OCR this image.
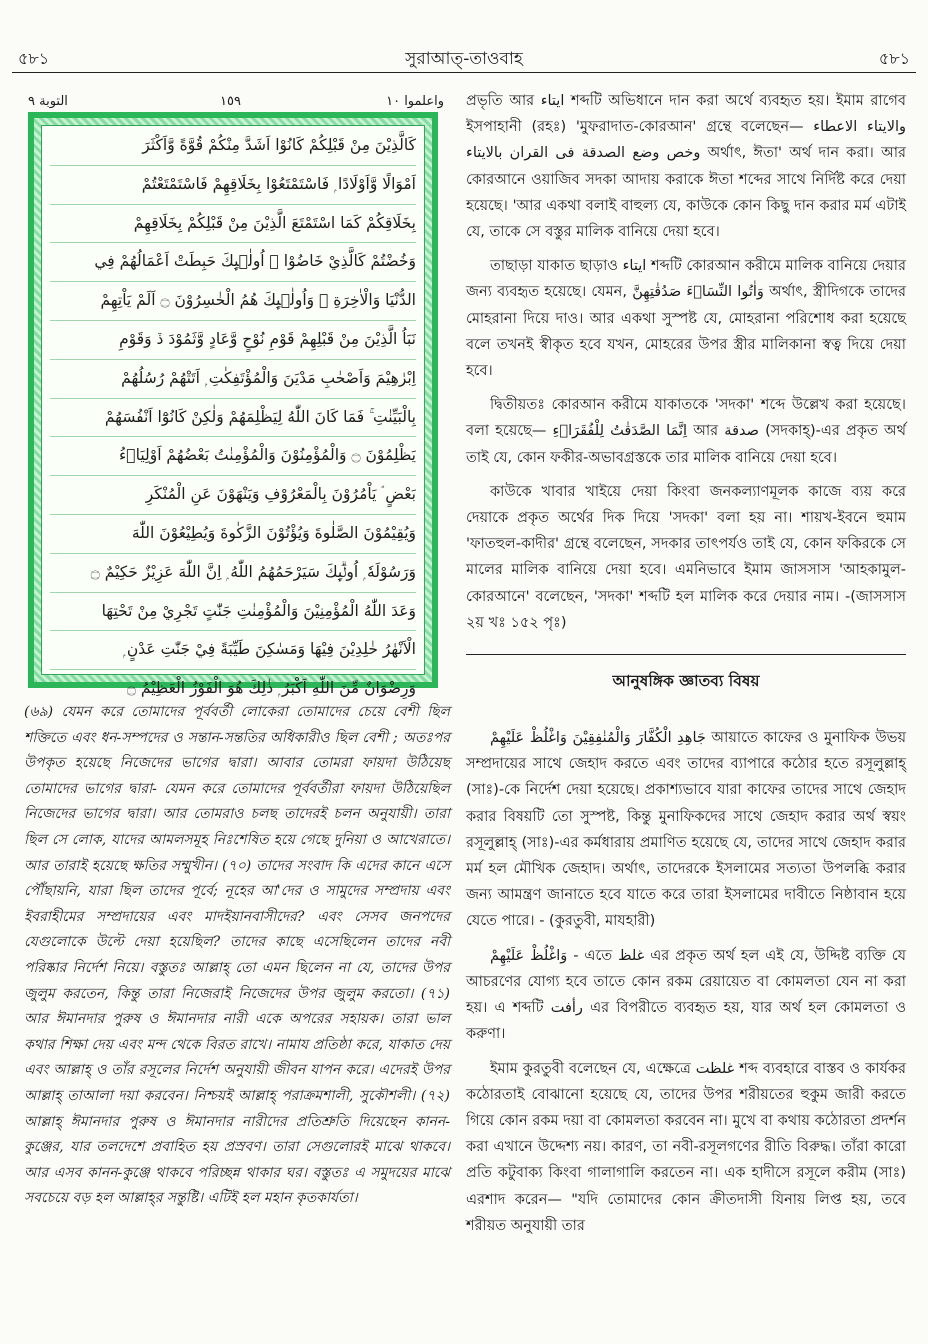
৫৮১	সুরাআত্-তাওবাহ	৫৮১
التوبة ٩	١٥٩	واعلموا ١٠
كَالَّذِيْنَ مِنْ قَبْلِكُمْ كَانُوْا اَشَدَّ مِنْكُمْ قُوَّةً وَّاَكْثَرَ
اَمْوَالًا وَّاَوْلَادًا ۭ فَاسْتَمْتَعُوْا بِخَلَاقِهِمْ فَاسْتَمْتَعْتُمْ
بِخَلَاقِكُمْ كَمَا اسْتَمْتَعَ الَّذِيْنَ مِنْ قَبْلِكُمْ بِخَلَاقِهِمْ
وَخُضْتُمْ كَالَّذِيْ خَاضُوْا ۭ اُولٰۗىِٕكَ حَبِطَتْ اَعْمَالُهُمْ فِي
الدُّنْيَا وَالْاٰخِرَةِ ۚ وَاُولٰۗىِٕكَ هُمُ الْخٰسِرُوْنَ ۝ اَلَمْ يَاْتِهِمْ
نَبَاُ الَّذِيْنَ مِنْ قَبْلِهِمْ قَوْمِ نُوْحٍ وَّعَادٍ وَّثَمُوْدَ ڏ وَقَوْمِ
اِبْرٰهِيْمَ وَاَصْحٰبِ مَدْيَنَ وَالْمُؤْتَفِكٰتِ ۭ اَتَتْهُمْ رُسُلُهُمْ
بِالْبَيِّنٰتِ ۚ فَمَا كَانَ اللّٰهُ لِيَظْلِمَهُمْ وَلٰكِنْ كَانُوْٓا اَنْفُسَهُمْ
يَظْلِمُوْنَ ۝ وَالْمُؤْمِنُوْنَ وَالْمُؤْمِنٰتُ بَعْضُهُمْ اَوْلِيَاۗءُ
بَعْضٍ ۘ يَاْمُرُوْنَ بِالْمَعْرُوْفِ وَيَنْهَوْنَ عَنِ الْمُنْكَرِ
وَيُقِيْمُوْنَ الصَّلٰوةَ وَيُؤْتُوْنَ الزَّكٰوةَ وَيُطِيْعُوْنَ اللّٰهَ
وَرَسُوْلَهٗ ۭ اُولٰۗىِٕكَ سَيَرْحَمُهُمُ اللّٰهُ ۭ اِنَّ اللّٰهَ عَزِيْزٌ حَكِيْمٌ ۝
وَعَدَ اللّٰهُ الْمُؤْمِنِيْنَ وَالْمُؤْمِنٰتِ جَنّٰتٍ تَجْرِيْ مِنْ تَحْتِهَا
الْاَنْهٰرُ خٰلِدِيْنَ فِيْهَا وَمَسٰكِنَ طَيِّبَةً فِيْ جَنّٰتِ عَدْنٍ ۭ
وَرِضْوَانٌ مِّنَ اللّٰهِ اَكْبَرُ ۭ ذٰلِكَ هُوَ الْفَوْزُ الْعَظِيْمُ ۝

(৬৯) যেমন করে তোমাদের পূর্ববর্তী লোকেরা তোমাদের চেয়ে বেশী ছিল শক্তিতে এবং ধন-সম্পদের ও সন্তান-সন্ততির অধিকারীও ছিল বেশী ; অতঃপর উপকৃত হয়েছে নিজেদের ভাগের দ্বারা। আবার তোমরা ফায়দা উঠিয়েছ তোমাদের ভাগের দ্বারা- যেমন করে তোমাদের পূর্ববর্তীরা ফায়দা উঠিয়েছিল নিজেদের ভাগের দ্বারা। আর তোমরাও চলছ তাদেরই চলন অনুযায়ী। তারা ছিল সে লোক, যাদের আমলসমূহ নিঃশেষিত হয়ে গেছে দুনিয়া ও আখেরাতে। আর তারাই হয়েছে ক্ষতির সম্মুখীন। (৭০) তাদের সংবাদ কি এদের কানে এসে পৌঁছায়নি, যারা ছিল তাদের পূর্বে; নূহের আ'দের ও সামুদের সম্প্রদায় এবং ইবরাহীমের সম্প্রদায়ের এবং মাদইয়ানবাসীদের? এবং সেসব জনপদের যেগুলোকে উল্টে দেয়া হয়েছিল? তাদের কাছে এসেছিলেন তাদের নবী পরিষ্কার নির্দেশ নিয়ে। বস্তুতঃ আল্লাহ্ তো এমন ছিলেন না যে, তাদের উপর জুলুম করতেন, কিন্তু তারা নিজেরাই নিজেদের উপর জুলুম করতো। (৭১) আর ঈমানদার পুরুষ ও ঈমানদার নারী একে অপরের সহায়ক। তারা ভাল কথার শিক্ষা দেয় এবং মন্দ থেকে বিরত রাখে। নামায প্রতিষ্ঠা করে, যাকাত দেয় এবং আল্লাহ্ ও তাঁর রসূলের নির্দেশ অনুযায়ী জীবন যাপন করে। এদেরই উপর আল্লাহ্ তাআলা দয়া করবেন। নিশ্চয়ই আল্লাহ্ পরাক্রমশালী, সুকৌশলী। (৭২) আল্লাহ্ ঈমানদার পুরুষ ও ঈমানদার নারীদের প্রতিশ্রুতি দিয়েছেন কানন-কুঞ্জের, যার তলদেশে প্রবাহিত হয় প্রস্রবণ। তারা সেগুলোরই মাঝে থাকবে। আর এসব কানন-কুঞ্জে থাকবে পরিচ্ছন্ন থাকার ঘর। বস্তুতঃ এ সমুদয়ের মাঝে সবচেয়ে বড় হল আল্লাহ্‌র সন্তুষ্টি। এটিই হল মহান কৃতকার্যতা।

প্রভৃতি আর ايتاء শব্দটি অভিধানে দান করা অর্থে ব্যবহৃত হয়। ইমাম রাগেব ইসপাহানী (রহঃ) 'মুফরাদাত-কোরআন' গ্রন্থে বলেছেন— والايتاء الاعطاء وخص وضع الصدقة فى القران بالايتاء অর্থাৎ, ঈতা' অর্থ দান করা। আর কোরআনে ওয়াজিব সদকা আদায় করাকে ঈতা শব্দের সাথে নির্দিষ্ট করে দেয়া হয়েছে। 'আর একথা বলাই বাহুল্য যে, কাউকে কোন কিছু দান করার মর্ম এটাই যে, তাকে সে বস্তুর মালিক বানিয়ে দেয়া হবে।

তাছাড়া যাকাত ছাড়াও ايتاء শব্দটি কোরআন করীমে মালিক বানিয়ে দেয়ার জন্য ব্যবহৃত হয়েছে। যেমন, وَاٰتُوا النِّسَاۗءَ صَدُقٰتِهِنَّ অর্থাৎ, স্ত্রীদিগকে তাদের মোহরানা দিয়ে দাও। আর একথা সুস্পষ্ট যে, মোহরানা পরিশোধ করা হয়েছে বলে তখনই স্বীকৃত হবে যখন, মোহরের উপর স্ত্রীর মালিকানা স্বত্ব দিয়ে দেয়া হবে।

দ্বিতীয়তঃ কোরআন করীমে যাকাতকে 'সদকা' শব্দে উল্লেখ করা হয়েছে। বলা হয়েছে— اِنَّمَا الصَّدَقٰتُ لِلْفُقَرَاۗءِ আর صدقة (সদকাহ্)-এর প্রকৃত অর্থ তাই যে, কোন ফকীর-অভাবগ্রস্তকে তার মালিক বানিয়ে দেয়া হবে।

কাউকে খাবার খাইয়ে দেয়া কিংবা জনকল্যাণমূলক কাজে ব্যয় করে দেয়াকে প্রকৃত অর্থের দিক দিয়ে 'সদকা' বলা হয় না। শায়খ-ইবনে হুমাম 'ফাতহুল-কাদীর' গ্রন্থে বলেছেন, সদকার তাৎপর্যও তাই যে, কোন ফকিরকে সে মালের মালিক বানিয়ে দেয়া হবে। এমনিভাবে ইমাম জাসসাস 'আহকামুল-কোরআনে' বলেছেন, 'সদকা' শব্দটি হল মালিক করে দেয়ার নাম। -(জাসসাস ২য় খঃ ১৫২ পৃঃ)

আনুষঙ্গিক জ্ঞাতব্য বিষয়

جَاهِدِ الْكُفَّارَ وَالْمُنٰفِقِيْنَ وَاغْلُظْ عَلَيْهِمْ আয়াতে কাফের ও মুনাফিক উভয় সম্প্রদায়ের সাথে জেহাদ করতে এবং তাদের ব্যাপারে কঠোর হতে রসূলুল্লাহ্ (সাঃ)-কে নির্দেশ দেয়া হয়েছে। প্রকাশ্যভাবে যারা কাফের তাদের সাথে জেহাদ করার বিষয়টি তো সুস্পষ্ট, কিন্তু মুনাফিকদের সাথে জেহাদ করার অর্থ স্বয়ং রসূলুল্লাহ্ (সাঃ)-এর কর্মধারায় প্রমাণিত হয়েছে যে, তাদের সাথে জেহাদ করার মর্ম হল মৌখিক জেহাদ। অর্থাৎ, তাদেরকে ইসলামের সত্যতা উপলব্ধি করার জন্য আমন্ত্রণ জানাতে হবে যাতে করে তারা ইসলামের দাবীতে নিষ্ঠাবান হয়ে যেতে পারে। - (কুরতুবী, মাযহারী)

وَاغْلُظْ عَلَيْهِمْ - এতে غلظ এর প্রকৃত অর্থ হল এই যে, উদ্দিষ্ট ব্যক্তি যে আচরণের যোগ্য হবে তাতে কোন রকম রেয়ায়েত বা কোমলতা যেন না করা হয়। এ শব্দটি رأفت এর বিপরীতে ব্যবহৃত হয়, যার অর্থ হল কোমলতা ও করুণা।

ইমাম কুরতুবী বলেছেন যে, এক্ষেত্রে غلظت শব্দ ব্যবহারে বাস্তব ও কার্যকর কঠোরতাই বোঝানো হয়েছে যে, তাদের উপর শরীয়তের হুকুম জারী করতে গিয়ে কোন রকম দয়া বা কোমলতা করবেন না। মুখে বা কথায় কঠোরতা প্রদর্শন করা এখানে উদ্দেশ্য নয়। কারণ, তা নবী-রসূলগণের রীতি বিরুদ্ধ। তাঁরা কারো প্রতি কটুবাক্য কিংবা গালাগালি করতেন না। এক হাদীসে রসূলে করীম (সাঃ) এরশাদ করেন— "যদি তোমাদের কোন ক্রীতদাসী যিনায় লিপ্ত হয়, তবে শরীয়ত অনুযায়ী তার
